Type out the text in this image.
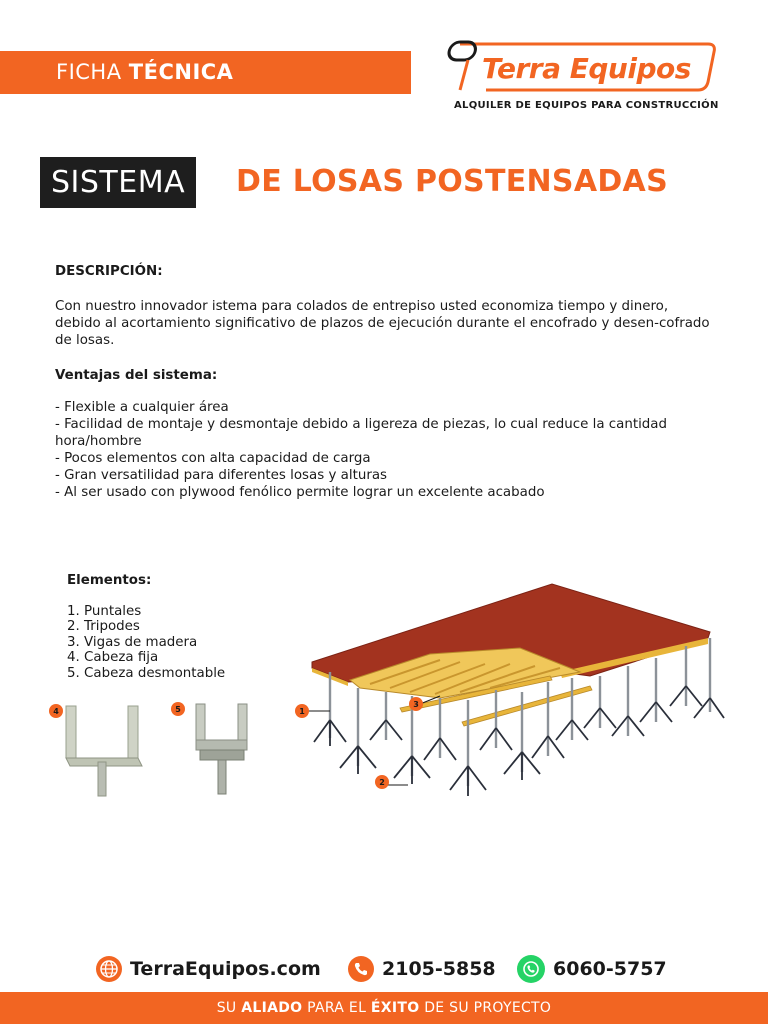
FICHA TÉCNICA	Terra Equipos
ALQUILER DE EQUIPOS PARA CONSTRUCCIÓN
SISTEMA DE LOSAS POSTENSADAS
DESCRIPCIÓN:
Con nuestro innovador istema para colados de entrepiso usted economiza tiempo y dinero, debido al acortamiento significativo de plazos de ejecución durante el encofrado y desen-cofrado de losas.
Ventajas del sistema:
- Flexible a cualquier área
- Facilidad de montaje y desmontaje debido a ligereza de piezas, lo cual reduce la cantidad hora/hombre
- Pocos elementos con alta capacidad de carga
- Gran versatilidad para diferentes losas y alturas
- Al ser usado con plywood fenólico permite lograr un excelente acabado
Elementos:
1. Puntales
2. Tripodes
3. Vigas de madera
4. Cabeza fija
5. Cabeza desmontable
4	5	1
2
3
TerraEquipos.com	2105-5858	6060-5757
SU ALIADO PARA EL ÉXITO DE SU PROYECTO
